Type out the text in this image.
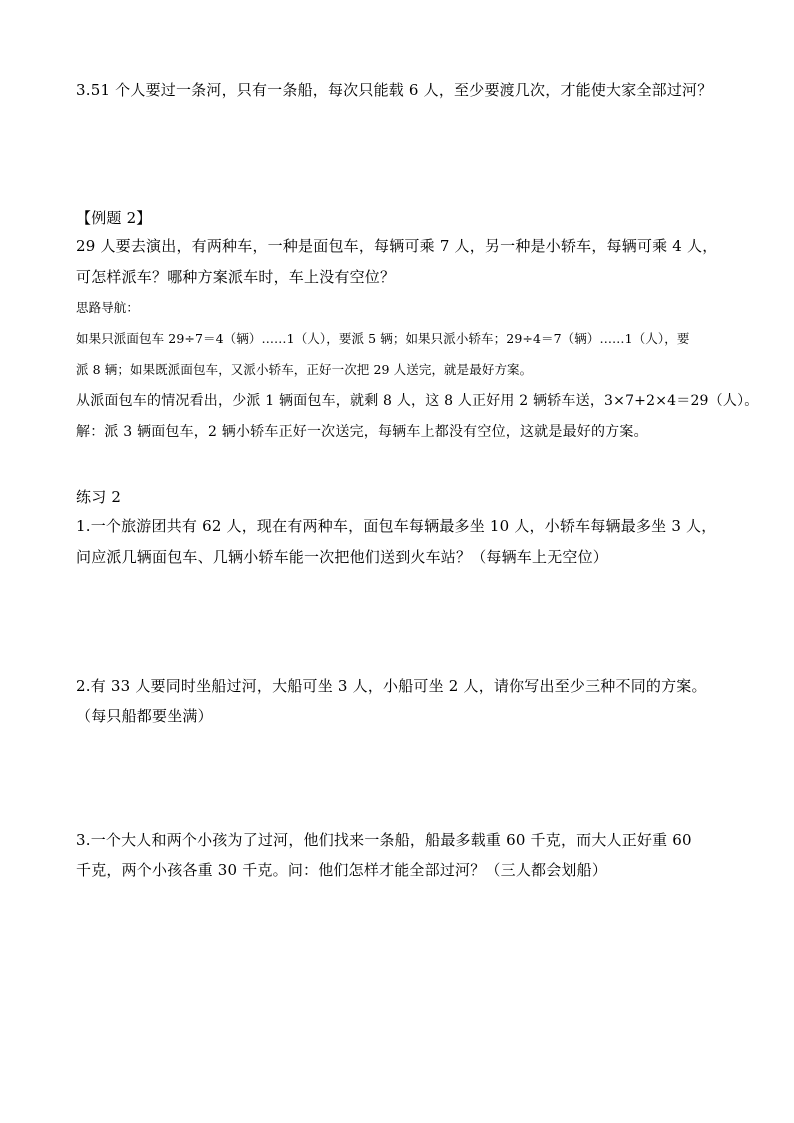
3.51 个人要过一条河，只有一条船，每次只能载 6 人，至少要渡几次，才能使大家全部过河？
【例题 2】
29 人要去演出，有两种车，一种是面包车，每辆可乘 7 人，另一种是小轿车，每辆可乘 4 人，
可怎样派车？哪种方案派车时，车上没有空位？
思路导航：
如果只派面包车 29÷7＝4（辆）……1（人），要派 5 辆；如果只派小轿车；29÷4＝7（辆）……1（人），要
派 8 辆；如果既派面包车，又派小轿车，正好一次把 29 人送完，就是最好方案。
从派面包车的情况看出，少派 1 辆面包车，就剩 8 人，这 8 人正好用 2 辆轿车送，3×7+2×4＝29（人）。
解：派 3 辆面包车，2 辆小轿车正好一次送完，每辆车上都没有空位，这就是最好的方案。
练习 2
1.一个旅游团共有 62 人，现在有两种车，面包车每辆最多坐 10 人，小轿车每辆最多坐 3 人，
问应派几辆面包车、几辆小轿车能一次把他们送到火车站？（每辆车上无空位）
2.有 33 人要同时坐船过河，大船可坐 3 人，小船可坐 2 人，请你写出至少三种不同的方案。
（每只船都要坐满）
3.一个大人和两个小孩为了过河，他们找来一条船，船最多载重 60 千克，而大人正好重 60
千克，两个小孩各重 30 千克。问：他们怎样才能全部过河？（三人都会划船）
